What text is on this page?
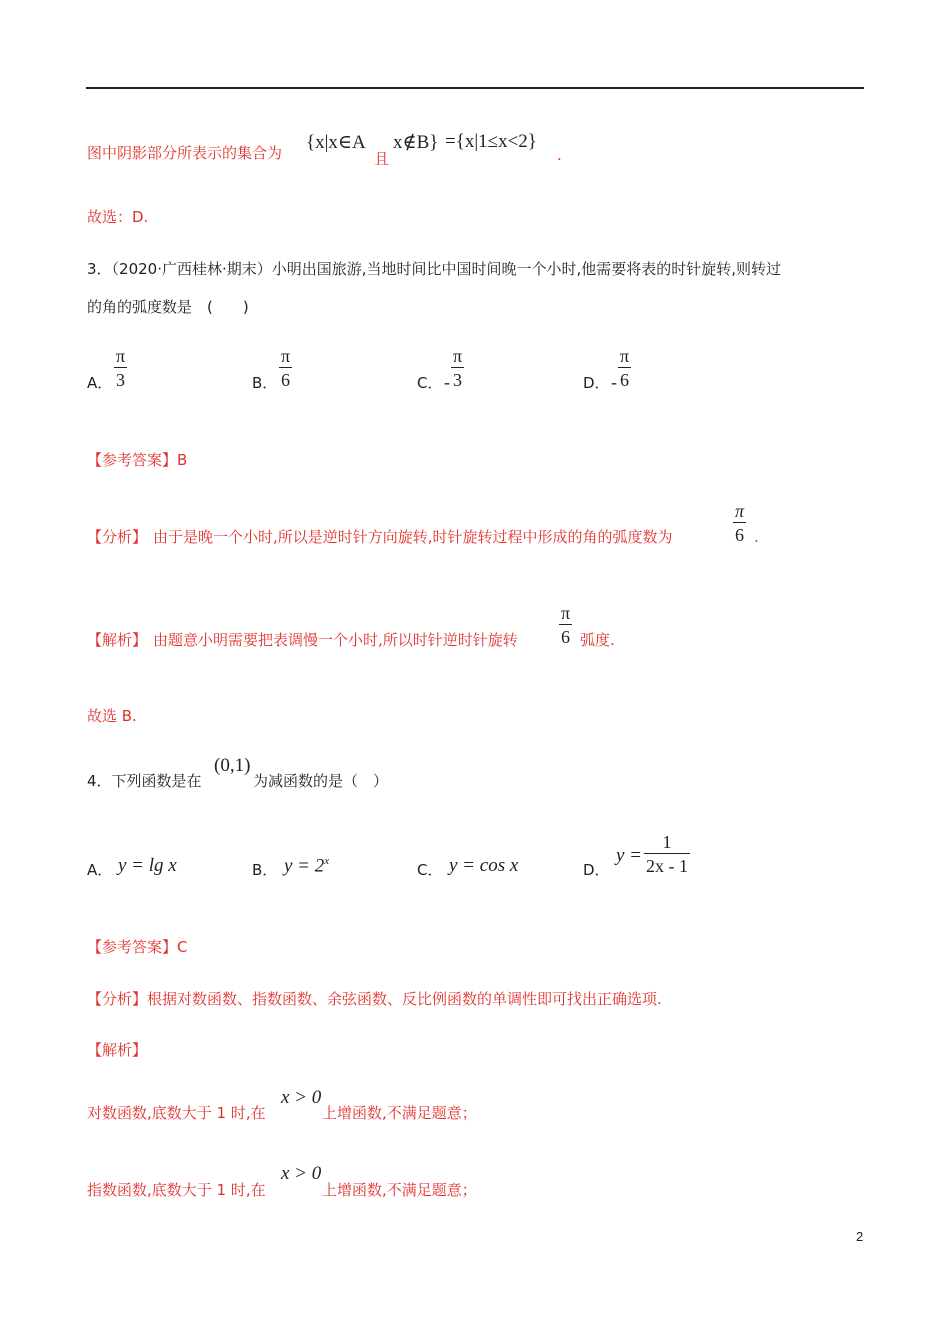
图中阴影部分所表示的集合为 {x|x∈A
且
x∉B} ={x|1≤x<2}
.
故选：D.
3．（2020·广西桂林·期末）小明出国旅游,当地时间比中国时间晚一个小时,他需要将表的时针旋转,则转过
的角的弧度数是　(　　)
A．
π
3	B．
π
6	C． -
π
3	D． -
π
6
【参考答案】B
【分析】 由于是晚一个小时,所以是逆时针方向旋转,时针旋转过程中形成的角的弧度数为
π
6 .
【解析】 由题意小明需要把表调慢一个小时,所以时针逆时针旋转
π
6 弧度.
故选 B.
4．下列函数是在
(0,1)
为减函数的是（　）
A． y = lg x	B． $y = 2^x$	C． y = cos x	D．
y =
1
2x - 1
【参考答案】C
【分析】根据对数函数、指数函数、余弦函数、反比例函数的单调性即可找出正确选项.
【解析】
对数函数,底数大于 1 时,在
x > 0
上增函数,不满足题意；
指数函数,底数大于 1 时,在
x > 0
上增函数,不满足题意；
2
